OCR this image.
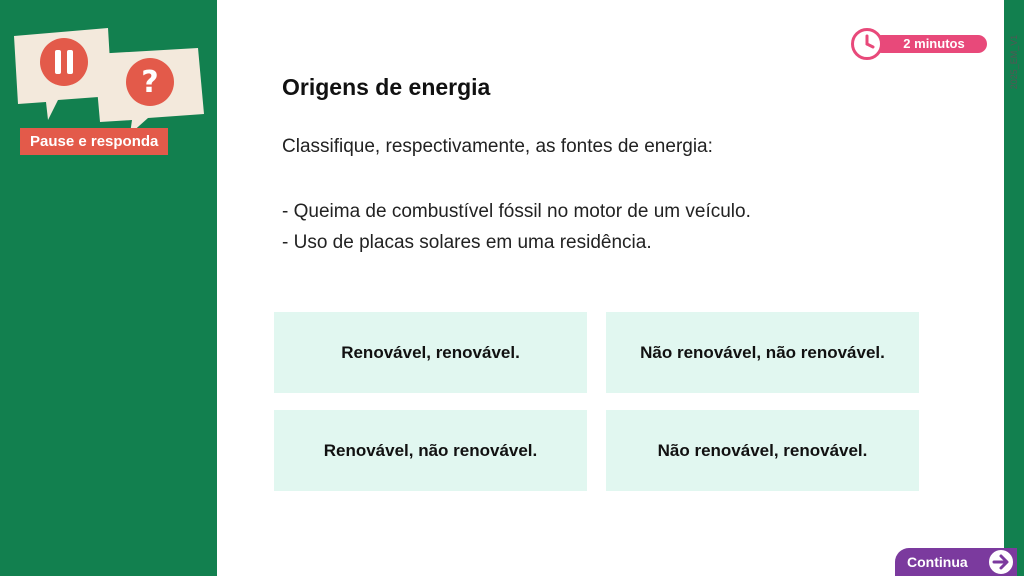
?
Pause e responda
2025_EM_V1
2 minutos
Origens de energia

Classifique, respectivamente, as fontes de energia:

- Queima de combustível fóssil no motor de um veículo.

- Uso de placas solares em uma residência.

Renovável, renovável.	Não renovável, não renovável.
Renovável, não renovável.	Não renovável, renovável.
Continua
